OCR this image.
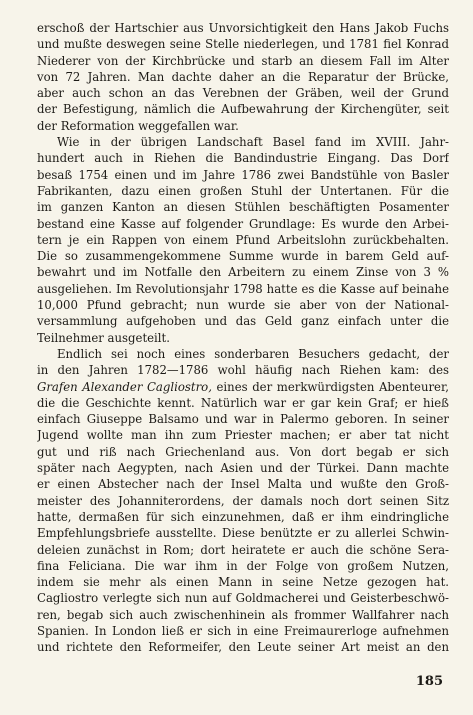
erschoß der Hartschier aus Unvorsichtigkeit den Hans Jakob Fuchs
und mußte deswegen seine Stelle niederlegen, und 1781 fiel Konrad
Niederer von der Kirchbrücke und starb an diesem Fall im Alter
von 72 Jahren. Man dachte daher an die Reparatur der Brücke,
aber auch schon an das Verebnen der Gräben, weil der Grund
der Befestigung, nämlich die Aufbewahrung der Kirchengüter, seit
der Reformation weggefallen war.

Wie in der übrigen Landschaft Basel fand im XVIII. Jahr-
hundert auch in Riehen die Bandindustrie Eingang. Das Dorf
besaß 1754 einen und im Jahre 1786 zwei Bandstühle von Basler
Fabrikanten, dazu einen großen Stuhl der Untertanen. Für die
im ganzen Kanton an diesen Stühlen beschäftigten Posamenter
bestand eine Kasse auf folgender Grundlage: Es wurde den Arbei-
tern je ein Rappen von einem Pfund Arbeitslohn zurückbehalten.
Die so zusammengekommene Summe wurde in barem Geld auf-
bewahrt und im Notfalle den Arbeitern zu einem Zinse von 3 %
ausgeliehen. Im Revolutionsjahr 1798 hatte es die Kasse auf beinahe
10,000 Pfund gebracht; nun wurde sie aber von der National-
versammlung aufgehoben und das Geld ganz einfach unter die
Teilnehmer ausgeteilt.

Endlich sei noch eines sonderbaren Besuchers gedacht, der
in den Jahren 1782—1786 wohl häufig nach Riehen kam: des
Grafen Alexander Cagliostro, eines der merkwürdigsten Abenteurer,
die die Geschichte kennt. Natürlich war er gar kein Graf; er hieß
einfach Giuseppe Balsamo und war in Palermo geboren. In seiner
Jugend wollte man ihn zum Priester machen; er aber tat nicht
gut und riß nach Griechenland aus. Von dort begab er sich
später nach Aegypten, nach Asien und der Türkei. Dann machte
er einen Abstecher nach der Insel Malta und wußte den Groß-
meister des Johanniterordens, der damals noch dort seinen Sitz
hatte, dermaßen für sich einzunehmen, daß er ihm eindringliche
Empfehlungsbriefe ausstellte. Diese benützte er zu allerlei Schwin-
deleien zunächst in Rom; dort heiratete er auch die schöne Sera-
fina Feliciana. Die war ihm in der Folge von großem Nutzen,
indem sie mehr als einen Mann in seine Netze gezogen hat.
Cagliostro verlegte sich nun auf Goldmacherei und Geisterbeschwö-
ren, begab sich auch zwischenhinein als frommer Wallfahrer nach
Spanien. In London ließ er sich in eine Freimaurerloge aufnehmen
und richtete den Reformeifer, den Leute seiner Art meist an den

185
